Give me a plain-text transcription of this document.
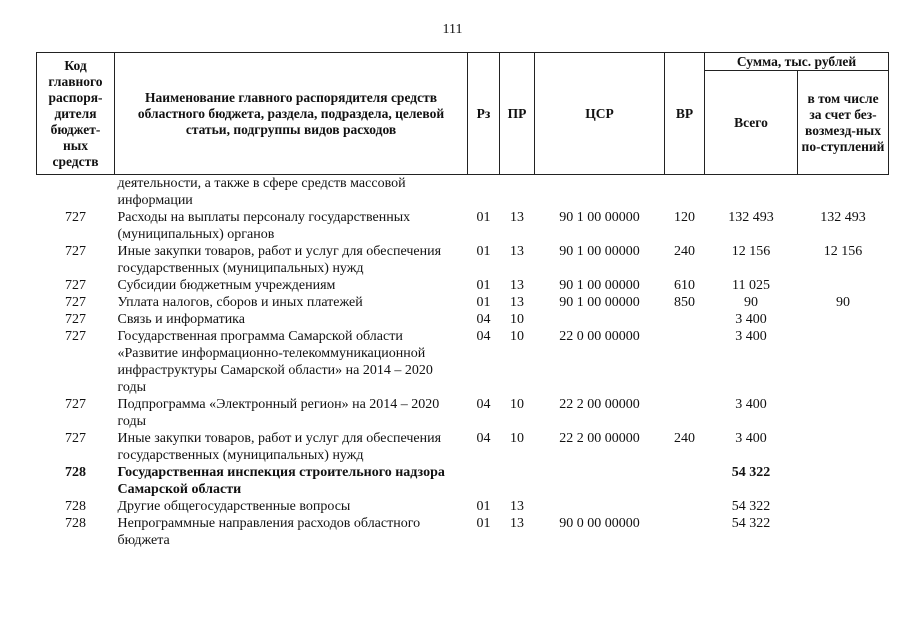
111
Код главного распоря-дителя бюджет-ных средств	Наименование главного распорядителя средств областного бюджета, раздела, подраздела, целевой статьи, подгруппы видов расходов	Рз	ПР	ЦСР	ВР	Сумма, тыс. рублей	
						Всего	в том числе за счет без-возмезд-ных по-ступлений
	деятельности, а также в сфере средств массовой информации						
727	Расходы на выплаты персоналу государственных (муниципальных) органов	01	13	90 1 00 00000	120	132 493	132 493
727	Иные закупки товаров, работ и услуг для обеспечения государственных (муниципальных) нужд	01	13	90 1 00 00000	240	12 156	12 156
727	Субсидии бюджетным учреждениям	01	13	90 1 00 00000	610	11 025	
727	Уплата налогов, сборов и иных платежей	01	13	90 1 00 00000	850	90	90
727	Связь и информатика	04	10			3 400	
727	Государственная программа Самарской области «Развитие информационно-телекоммуникационной инфраструктуры Самарской области» на 2014 – 2020 годы	04	10	22 0 00 00000		3 400	
727	Подпрограмма «Электронный регион» на 2014 – 2020 годы	04	10	22 2 00 00000		3 400	
727	Иные закупки товаров, работ и услуг для обеспечения государственных (муниципальных) нужд	04	10	22 2 00 00000	240	3 400	
728	Государственная инспекция строительного надзора Самарской области					54 322	
728	Другие общегосударственные вопросы	01	13			54 322	
728	Непрограммные направления расходов областного бюджета	01	13	90 0 00 00000		54 322	
